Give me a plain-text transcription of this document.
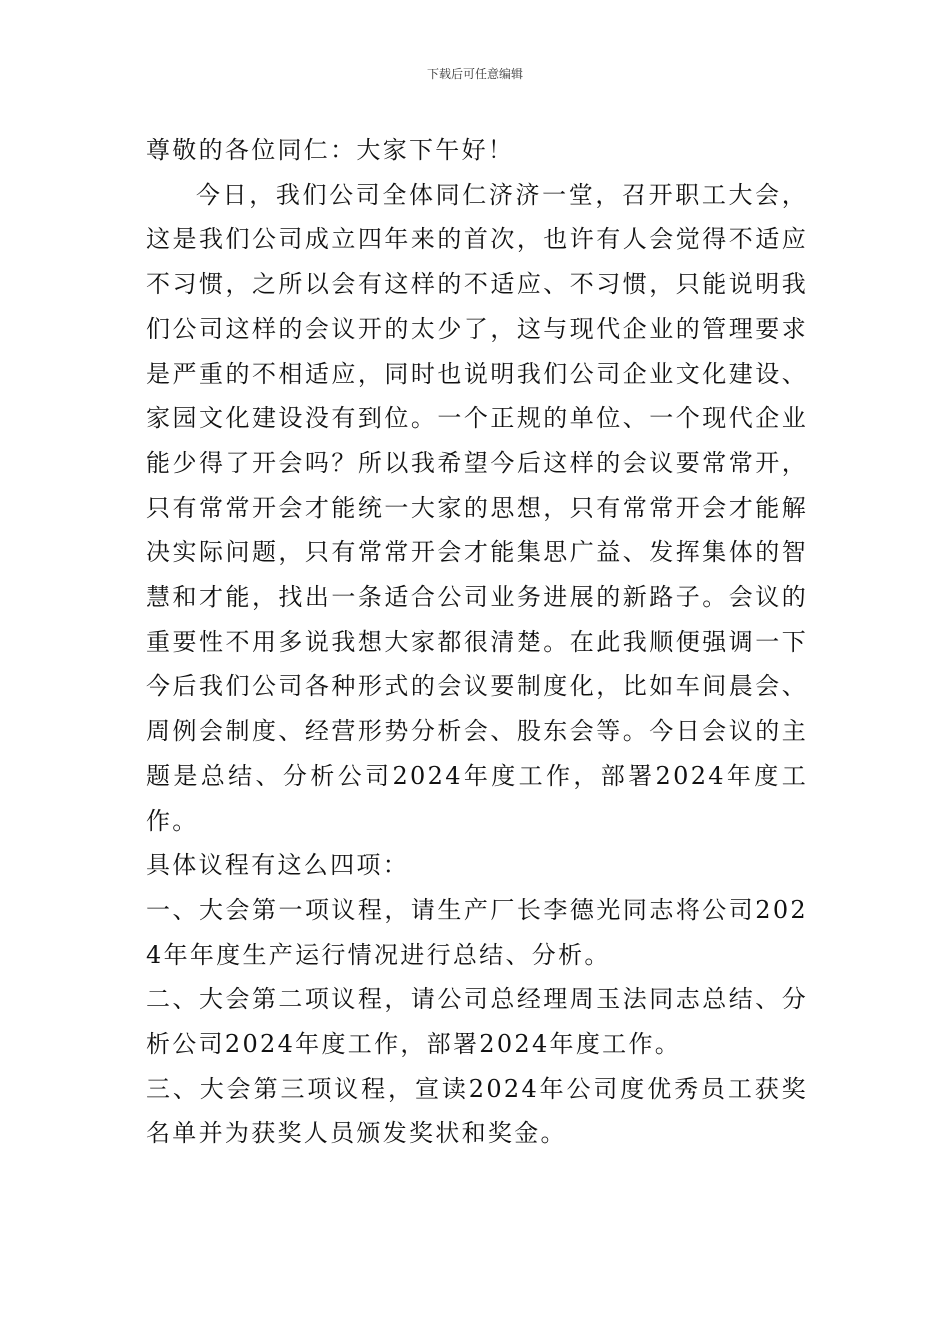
下载后可任意编辑

尊敬的各位同仁：大家下午好！

今日，我们公司全体同仁济济一堂，召开职工大会，这是我们公司成立四年来的首次，也许有人会觉得不适应不习惯，之所以会有这样的不适应、不习惯，只能说明我们公司这样的会议开的太少了，这与现代企业的管理要求是严重的不相适应，同时也说明我们公司企业文化建设、家园文化建设没有到位。一个正规的单位、一个现代企业能少得了开会吗？所以我希望今后这样的会议要常常开，只有常常开会才能统一大家的思想，只有常常开会才能解决实际问题，只有常常开会才能集思广益、发挥集体的智慧和才能，找出一条适合公司业务进展的新路子。会议的重要性不用多说我想大家都很清楚。在此我顺便强调一下今后我们公司各种形式的会议要制度化，比如车间晨会、周例会制度、经营形势分析会、股东会等。今日会议的主题是总结、分析公司2024年度工作，部署2024年度工作。

具体议程有这么四项：

一、大会第一项议程，请生产厂长李德光同志将公司2024年年度生产运行情况进行总结、分析。

二、大会第二项议程，请公司总经理周玉法同志总结、分析公司2024年度工作，部署2024年度工作。

三、大会第三项议程，宣读2024年公司度优秀员工获奖名单并为获奖人员颁发奖状和奖金。
